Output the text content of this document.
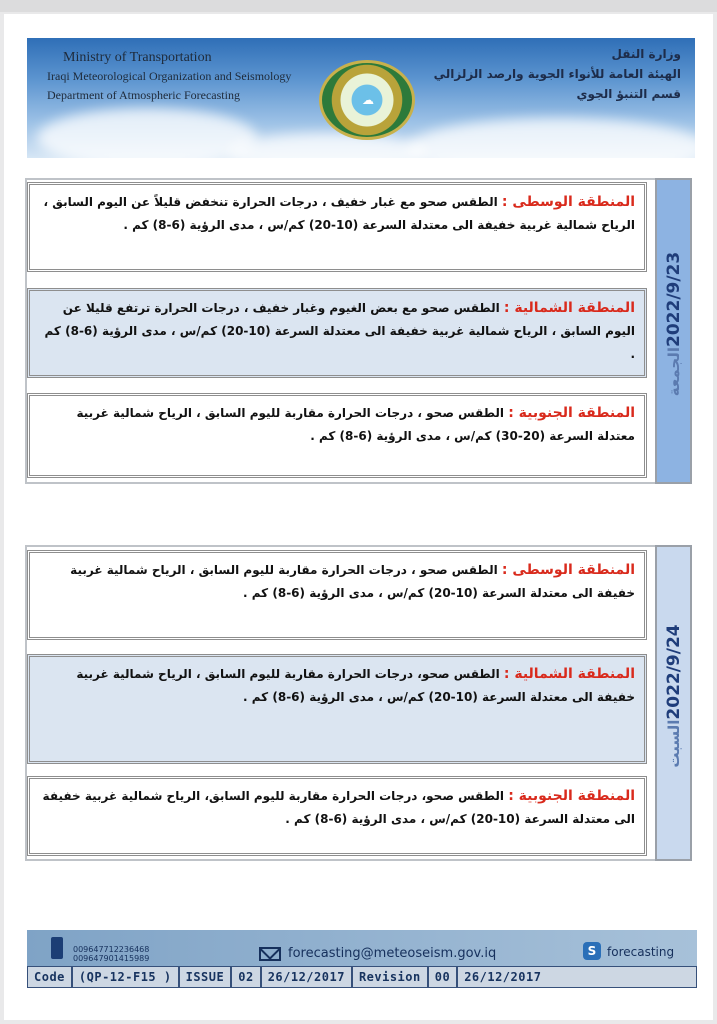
Ministry of Transportation
Iraqi Meteorological Organization and Seismology
Department of Atmospheric Forecasting	☁
وزارة النقل
الهيئة العامة للأنواء الجوية وارصد الزلزالي
قسم التنبؤ الجوي
2022/9/23الجمعة
المنطقة الوسطى : الطقس صحو مع غبار خفيف ، درجات الحرارة تنخفض قليلاً عن اليوم السابق ، الرياح شمالية غربية خفيفة الى معتدلة السرعة (10-20) كم/س ، مدى الرؤية (6-8) كم .
المنطقة الشمالية : الطقس صحو مع بعض الغيوم وغبار خفيف ، درجات الحرارة ترتفع قليلا عن اليوم السابق ، الرياح شمالية غربية خفيفة الى معتدلة السرعة (10-20) كم/س ، مدى الرؤية (6-8) كم .
المنطقة الجنوبية : الطقس صحو ، درجات الحرارة مقاربة لليوم السابق ، الرياح شمالية غربية معتدلة السرعة (20-30) كم/س ، مدى الرؤية (6-8) كم .
2022/9/24السبت
المنطقة الوسطى : الطقس صحو ، درجات الحرارة مقاربة لليوم السابق ، الرياح شمالية غربية خفيفة الى معتدلة السرعة (10-20) كم/س ، مدى الرؤية (6-8) كم .
المنطقة الشمالية : الطقس صحو، درجات الحرارة مقاربة لليوم السابق ، الرياح شمالية غربية خفيفة الى معتدلة السرعة (10-20) كم/س ، مدى الرؤية (6-8) كم .
المنطقة الجنوبية : الطقس صحو، درجات الحرارة مقاربة لليوم السابق، الرياح شمالية غربية خفيفة الى معتدلة السرعة (10-20) كم/س ، مدى الرؤية (6-8) كم .
009647712236468
009647901415989	forecasting@meteoseism.gov.iq	S forecasting
Code	(QP-12-F15 )	ISSUE	02	26/12/2017	Revision	00	26/12/2017
